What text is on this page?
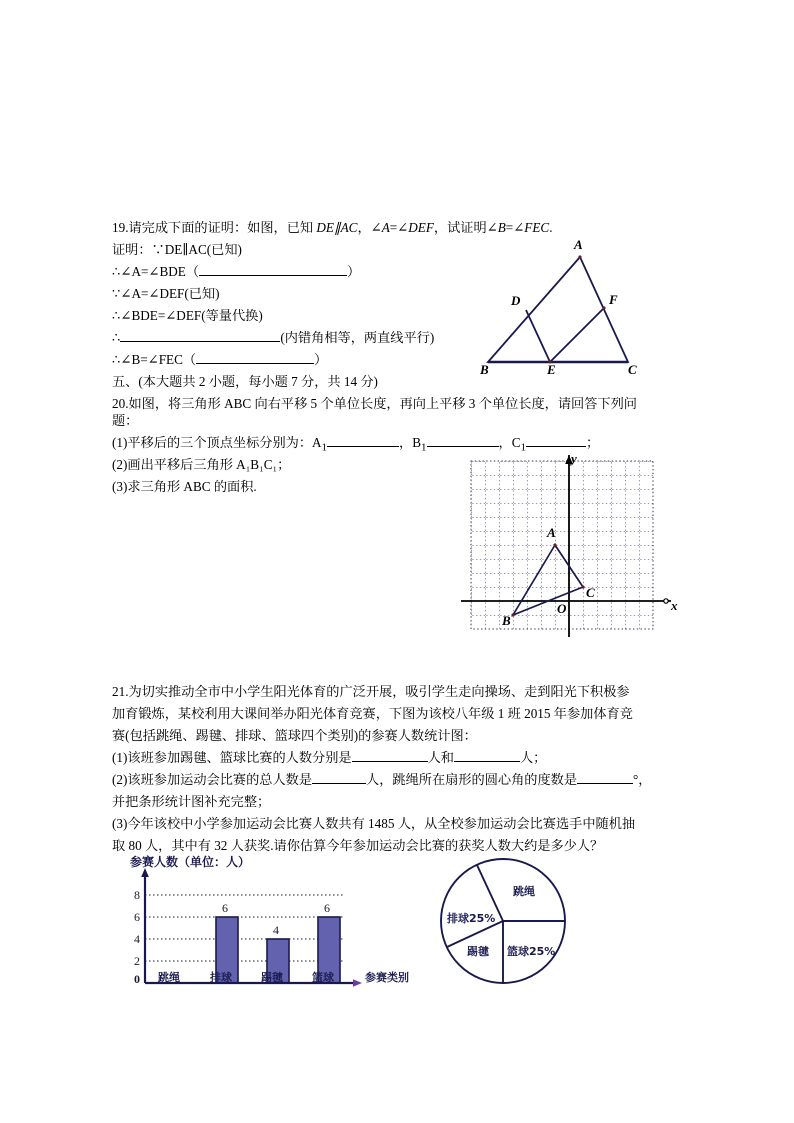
19.请完成下面的证明：如图，已知 DE∥AC，∠A=∠DEF，试证明∠B=∠FEC.
证明：∵DE∥AC(已知)
∴∠A=∠BDE（	）
∵∠A=∠DEF(已知)
∴∠BDE=∠DEF(等量代换)
∴	(内错角相等，两直线平行)
∴∠B=∠FEC（	）
A
B	C
D
E
F
五、(本大题共 2 小题，每小题 7 分，共 14 分)
20.如图，将三角形 ABC 向右平移 5 个单位长度，再向上平移 3 个单位长度，请回答下列问
题：
(1)平移后的三个顶点坐标分别为：$A_1$	，$B_1$	，$C_1$	；
(2)画出平移后三角形 A₁B₁C₁；
(3)求三角形 ABC 的面积.
A
B
C
O	x
y
21.为切实推动全市中小学生阳光体育的广泛开展，吸引学生走向操场、走到阳光下积极参
加育锻炼，某校利用大课间举办阳光体育竞赛，下图为该校八年级 1 班 2015 年参加体育竞
赛(包括跳绳、踢毽、排球、篮球四个类别)的参赛人数统计图：
(1)该班参加踢毽、篮球比赛的人数分别是	人和	人；
(2)该班参加运动会比赛的总人数是	人，跳绳所在扇形的圆心角的度数是	°，
并把条形统计图补充完整；
(3)今年该校中小学参加运动会比赛人数共有 1485 人，从全校参加运动会比赛选手中随机抽
取 80 人，其中有 32 人获奖.请你估算今年参加运动会比赛的获奖人数大约是多少人？
参赛人数（单位：人）
0
2
4
6
8
6
4
6
跳绳	排球	踢毽	篮球	参赛类别
跳绳
排球25%
踢毽 篮球25%
